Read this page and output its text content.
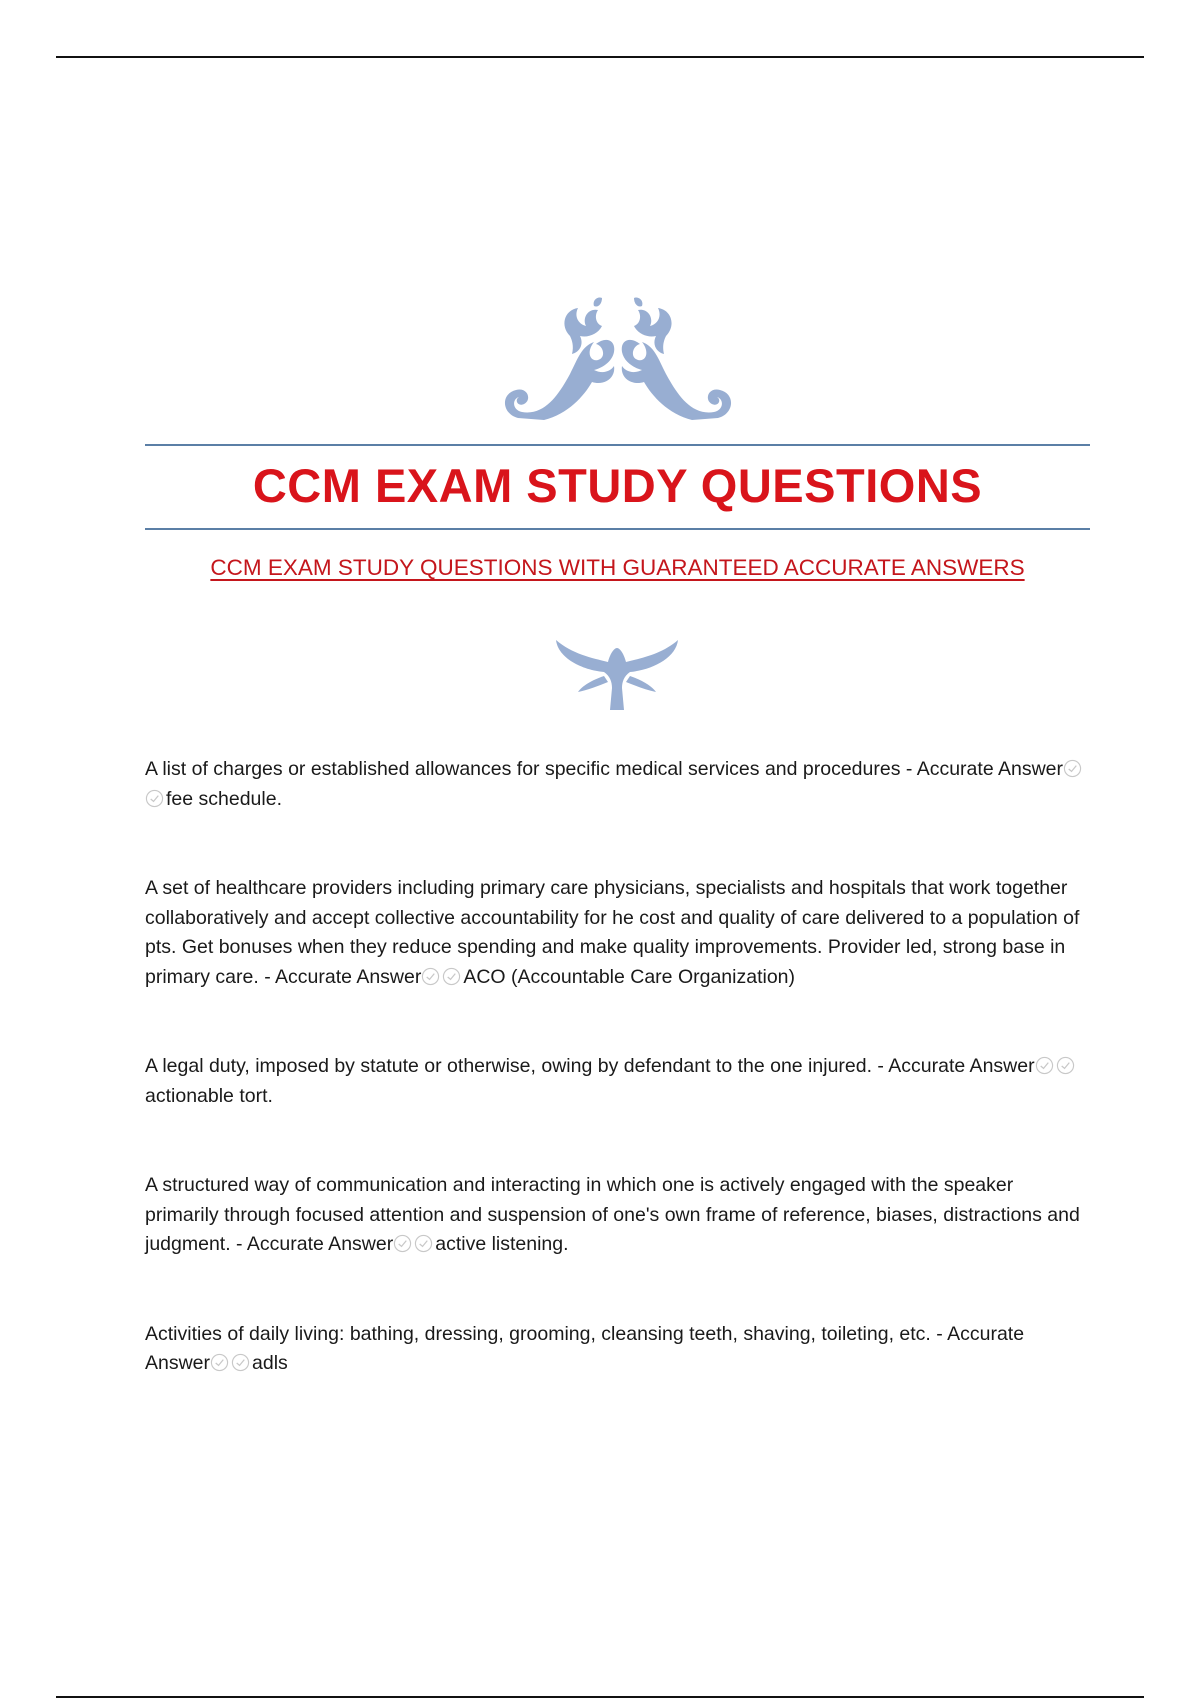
CCM EXAM STUDY QUESTIONS
CCM EXAM STUDY QUESTIONS WITH GUARANTEED ACCURATE ANSWERS

A list of charges or established allowances for specific medical services and procedures - Accurate Answer
fee schedule.

A set of healthcare providers including primary care physicians, specialists and hospitals that work together collaboratively and accept collective accountability for he cost and quality of care delivered to a population of pts. Get bonuses when they reduce spending and make quality improvements. Provider led, strong base in primary care. - Accurate Answer ACO (Accountable Care Organization)

A legal duty, imposed by statute or otherwise, owing by defendant to the one injured. - Accurate Answer
actionable tort.

A structured way of communication and interacting in which one is actively engaged with the speaker primarily through focused attention and suspension of one's own frame of reference, biases, distractions and judgment. - Accurate Answer active listening.

Activities of daily living: bathing, dressing, grooming, cleansing teeth, shaving, toileting, etc. - Accurate Answer adls
